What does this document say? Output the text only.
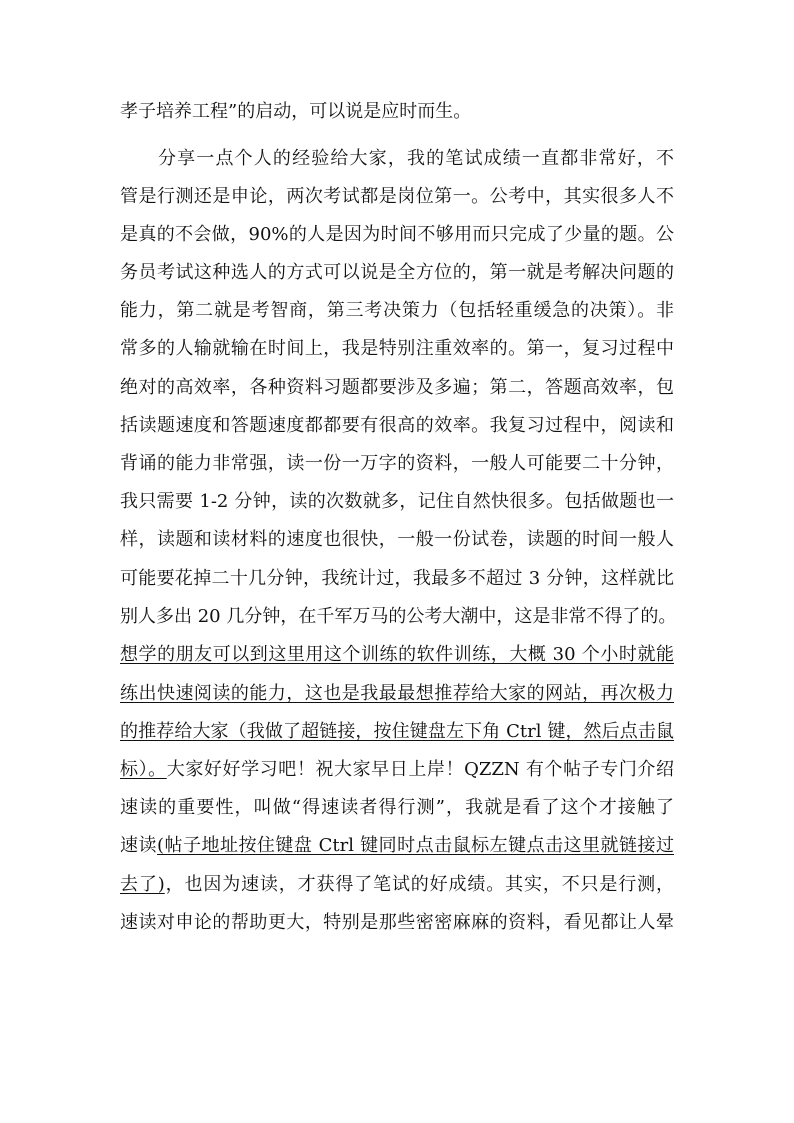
孝子培养工程”的启动，可以说是应时而生。
分享一点个人的经验给大家，我的笔试成绩一直都非常好，不
管是行测还是申论，两次考试都是岗位第一。公考中，其实很多人不
是真的不会做，90%的人是因为时间不够用而只完成了少量的题。公
务员考试这种选人的方式可以说是全方位的，第一就是考解决问题的
能力，第二就是考智商，第三考决策力（包括轻重缓急的决策）。非
常多的人输就输在时间上，我是特别注重效率的。第一，复习过程中
绝对的高效率，各种资料习题都要涉及多遍；第二，答题高效率，包
括读题速度和答题速度都都要有很高的效率。我复习过程中，阅读和
背诵的能力非常强，读一份一万字的资料，一般人可能要二十分钟，
我只需要 1-2 分钟，读的次数就多，记住自然快很多。包括做题也一
样，读题和读材料的速度也很快，一般一份试卷，读题的时间一般人
可能要花掉二十几分钟，我统计过，我最多不超过 3 分钟，这样就比
别人多出 20 几分钟，在千军万马的公考大潮中，这是非常不得了的。
想学的朋友可以到这里用这个训练的软件训练，大概 30 个小时就能
练出快速阅读的能力，这也是我最最想推荐给大家的网站，再次极力
的推荐给大家（我做了超链接，按住键盘左下角 Ctrl 键，然后点击鼠
标）。大家好好学习吧！祝大家早日上岸！QZZN 有个帖子专门介绍
速读的重要性，叫做“得速读者得行测”，我就是看了这个才接触了
速读(帖子地址按住键盘 Ctrl 键同时点击鼠标左键点击这里就链接过
去了)，也因为速读，才获得了笔试的好成绩。其实，不只是行测，
速读对申论的帮助更大，特别是那些密密麻麻的资料，看见都让人晕
